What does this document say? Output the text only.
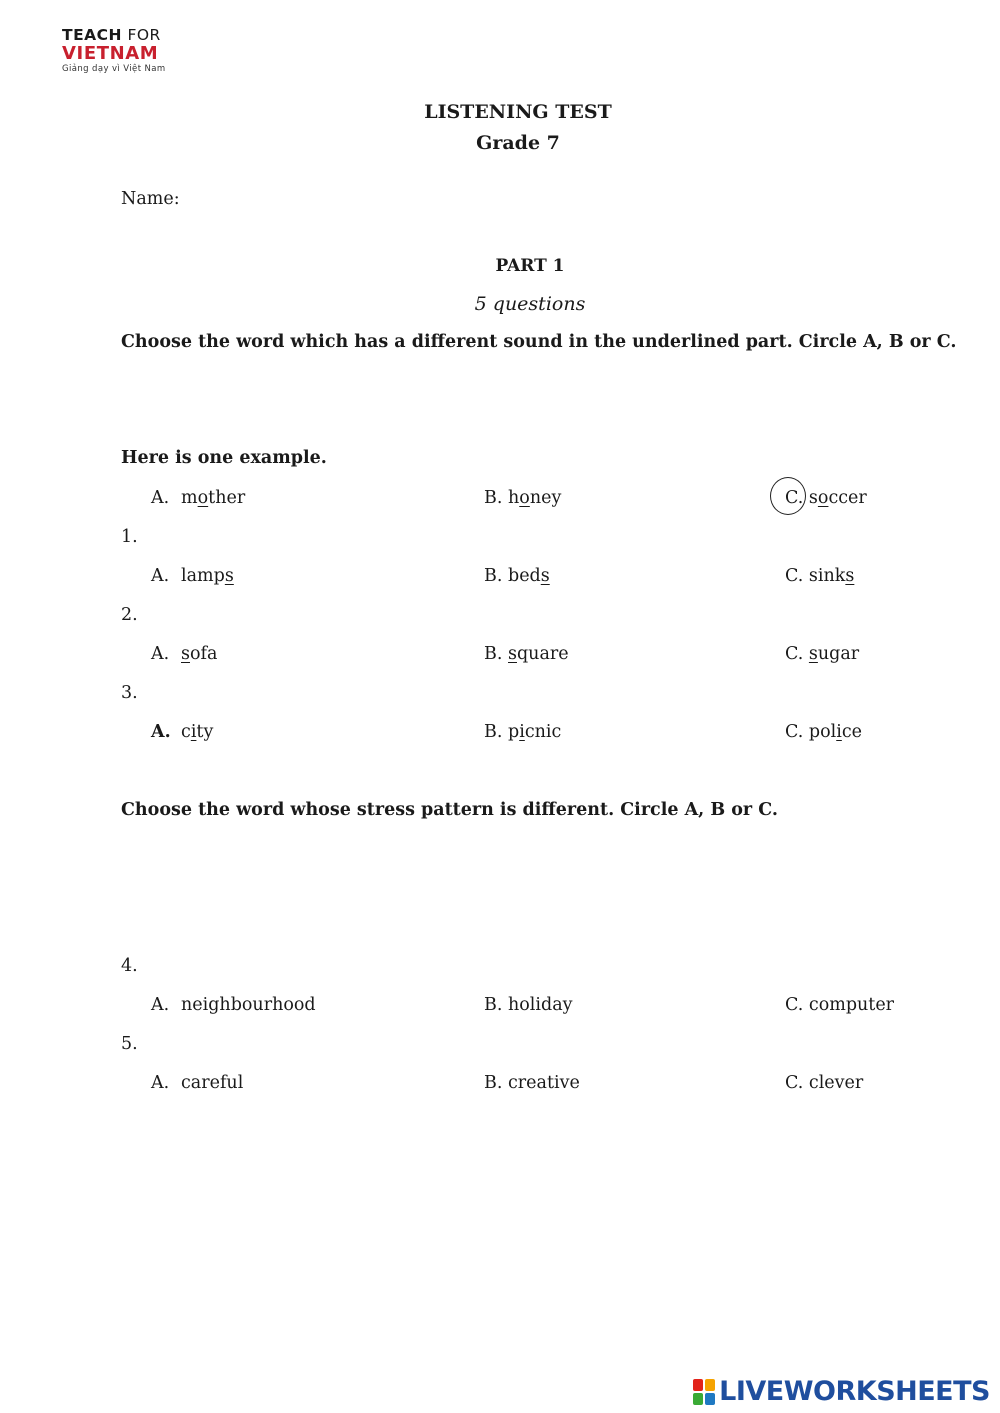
TEACH FOR
VIETNAM
Giảng dạy vì Việt Nam
LISTENING TEST
Grade 7
Name:
PART 1
5 questions
Choose the word which has a different sound in the underlined part. Circle A, B or C.
Here is one example.
A. mother	B. honey	C. soccer
1.
A. lamps	B. beds	C. sinks
2.
A. sofa	B. square	C. sugar
3.
A. city	B. picnic	C. police
Choose the word whose stress pattern is different. Circle A, B or C.
4.
A. neighbourhood	B. holiday	C. computer
5.
A. careful	B. creative	C. clever
LIVEWORKSHEETS
